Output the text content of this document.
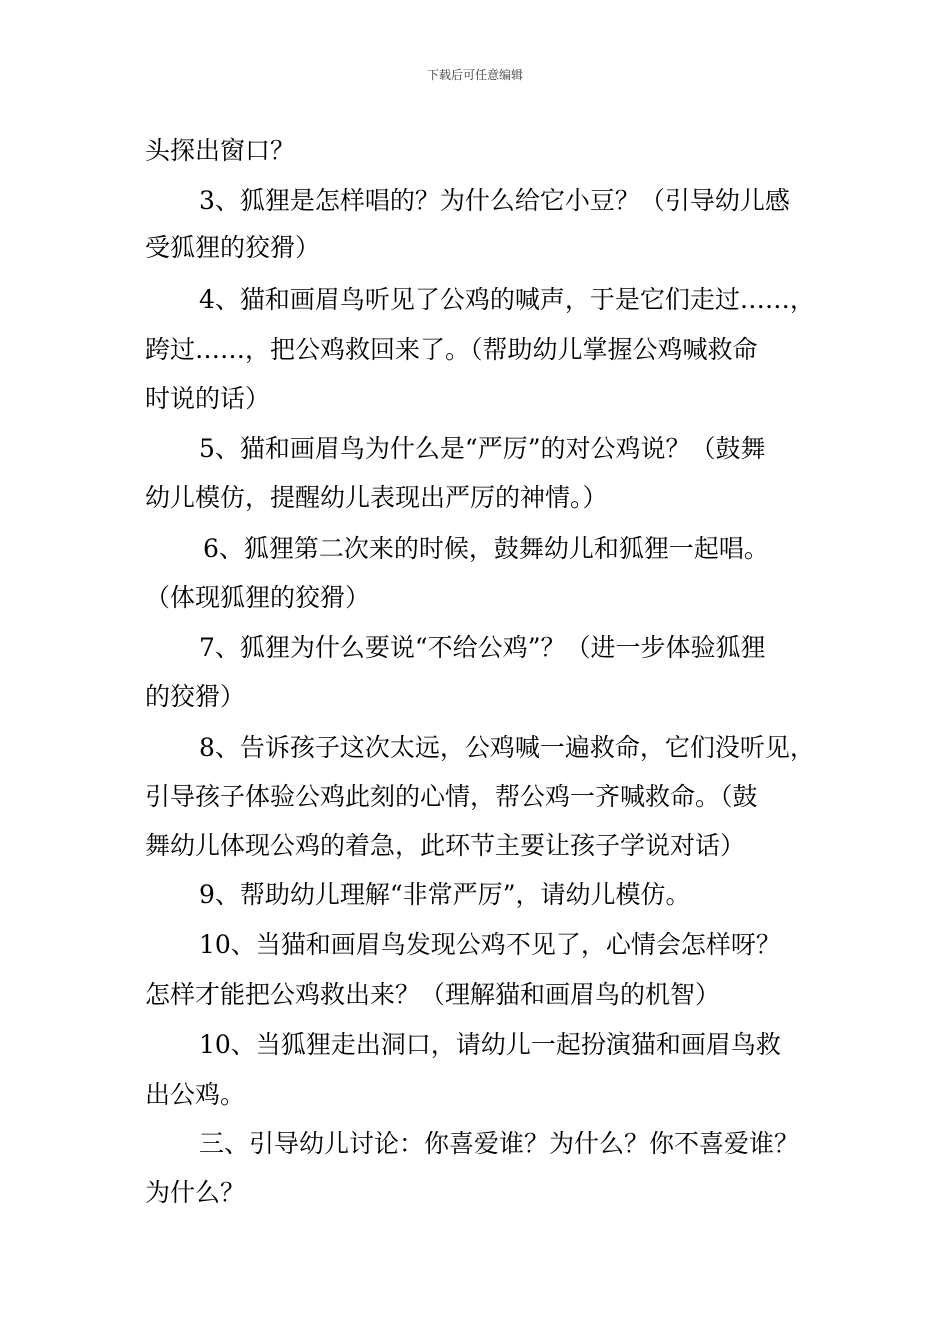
下载后可任意编辑
头探出窗口？
3、狐狸是怎样唱的？为什么给它小豆？（引导幼儿感
受狐狸的狡猾）
4、猫和画眉鸟听见了公鸡的喊声，于是它们走过……，
跨过……，把公鸡救回来了。（帮助幼儿掌握公鸡喊救命
时说的话）
5、猫和画眉鸟为什么是“严厉”的对公鸡说？（鼓舞
幼儿模仿，提醒幼儿表现出严厉的神情。）
6、狐狸第二次来的时候，鼓舞幼儿和狐狸一起唱。
（体现狐狸的狡猾）
7、狐狸为什么要说“不给公鸡”？（进一步体验狐狸
的狡猾）
8、告诉孩子这次太远，公鸡喊一遍救命，它们没听见，
引导孩子体验公鸡此刻的心情，帮公鸡一齐喊救命。（鼓
舞幼儿体现公鸡的着急，此环节主要让孩子学说对话）
9、帮助幼儿理解“非常严厉”，请幼儿模仿。
10、当猫和画眉鸟发现公鸡不见了，心情会怎样呀？
怎样才能把公鸡救出来？（理解猫和画眉鸟的机智）
10、当狐狸走出洞口，请幼儿一起扮演猫和画眉鸟救
出公鸡。
三、引导幼儿讨论：你喜爱谁？为什么？你不喜爱谁？
为什么？
